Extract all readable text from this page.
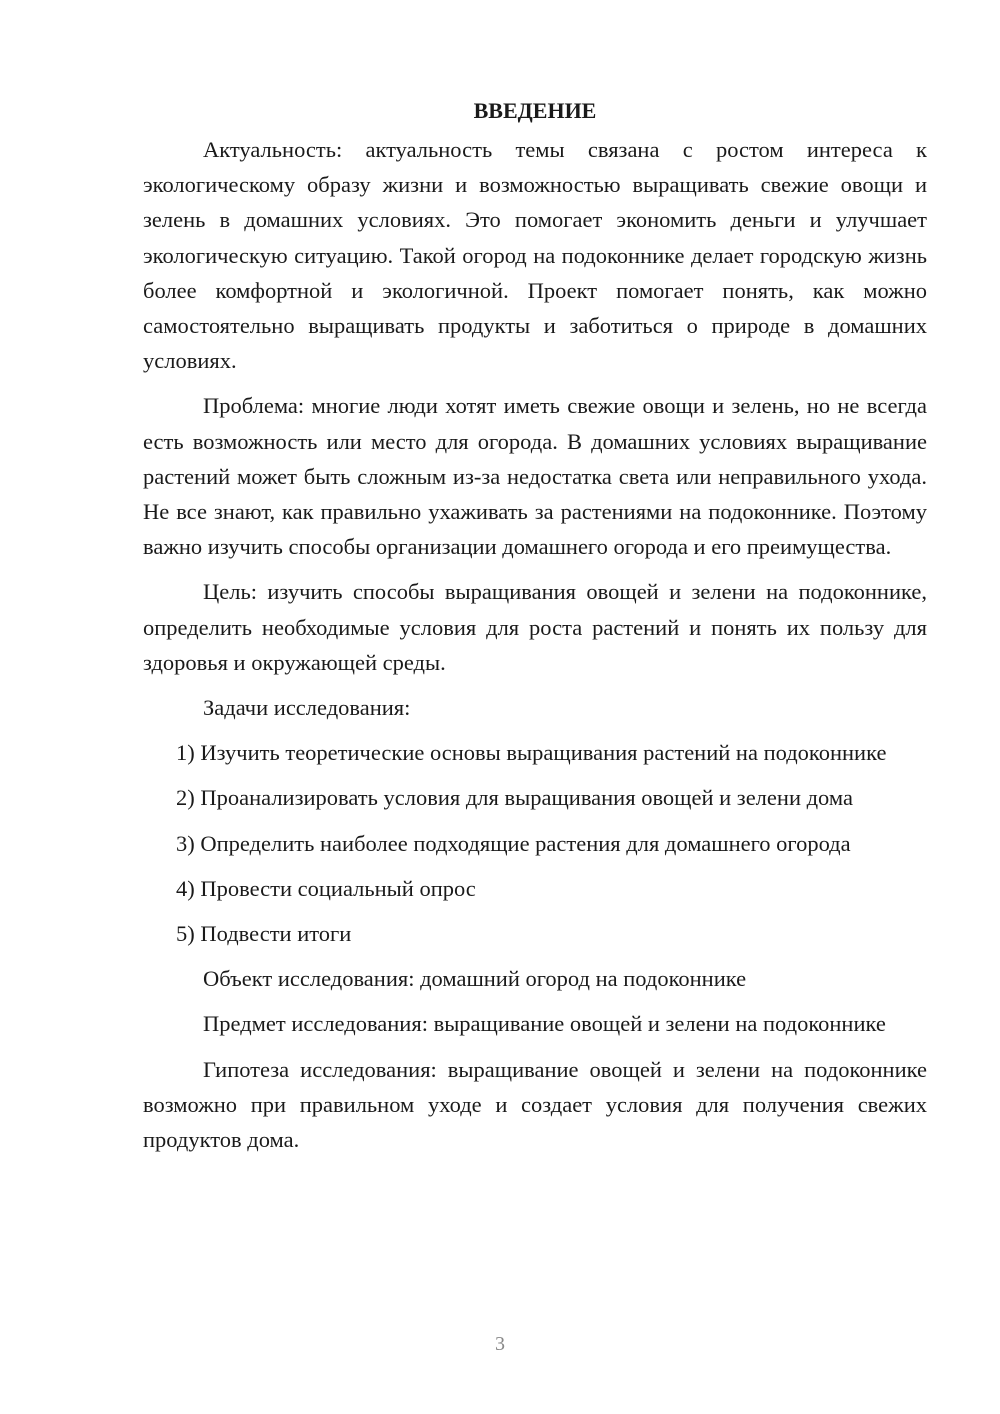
ВВЕДЕНИЕ

Актуальность: актуальность темы связана с ростом интереса к экологическому образу жизни и возможностью выращивать свежие овощи и зелень в домашних условиях. Это помогает экономить деньги и улучшает экологическую ситуацию. Такой огород на подоконнике делает городскую жизнь более комфортной и экологичной. Проект помогает понять, как можно самостоятельно выращивать продукты и заботиться о природе в домашних условиях.

Проблема: многие люди хотят иметь свежие овощи и зелень, но не всегда есть возможность или место для огорода. В домашних условиях выращивание растений может быть сложным из-за недостатка света или неправильного ухода. Не все знают, как правильно ухаживать за растениями на подоконнике. Поэтому важно изучить способы организации домашнего огорода и его преимущества.

Цель: изучить способы выращивания овощей и зелени на подоконнике, определить необходимые условия для роста растений и понять их пользу для здоровья и окружающей среды.

Задачи исследования:

1) Изучить теоретические основы выращивания растений на подоконнике

2) Проанализировать условия для выращивания овощей и зелени дома

3) Определить наиболее подходящие растения для домашнего огорода

4) Провести социальный опрос

5) Подвести итоги

Объект исследования: домашний огород на подоконнике

Предмет исследования: выращивание овощей и зелени на подоконнике

Гипотеза исследования: выращивание овощей и зелени на подоконнике возможно при правильном уходе и создает условия для получения свежих продуктов дома.

3
